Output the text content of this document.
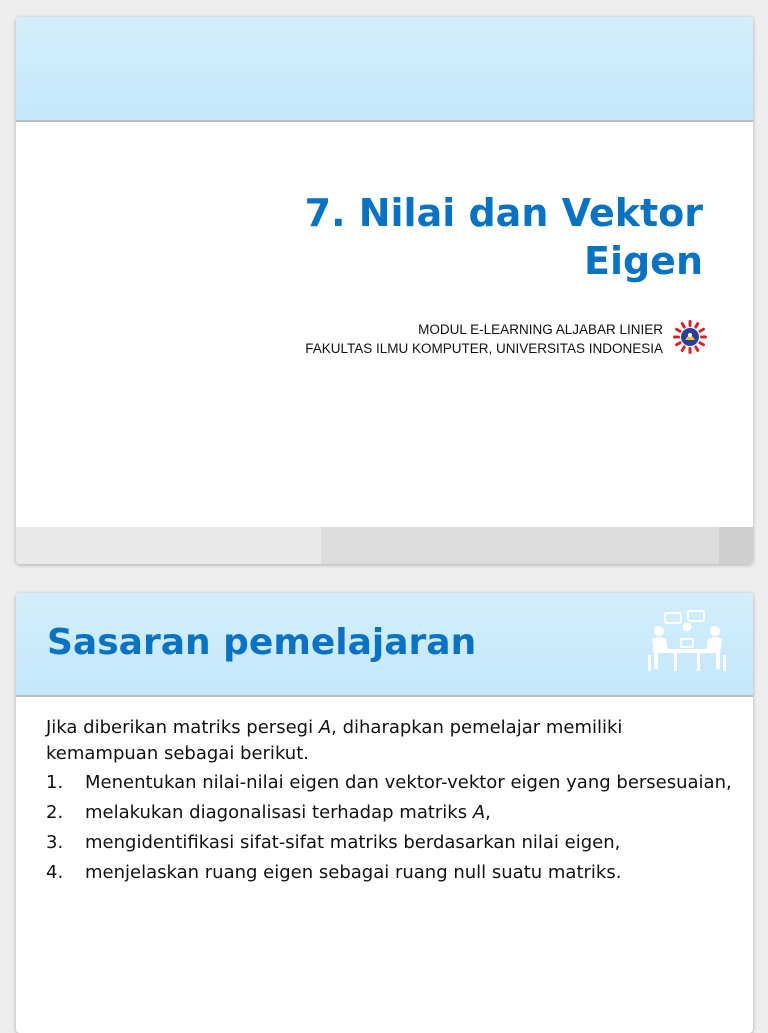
7. Nilai dan Vektor
Eigen
MODUL E-LEARNING ALJABAR LINIER
FAKULTAS ILMU KOMPUTER, UNIVERSITAS INDONESIA
Sasaran pemelajaran

Jika diberikan matriks persegi A, diharapkan pemelajar memiliki kemampuan sebagai berikut.

1. Menentukan nilai-nilai eigen dan vektor-vektor eigen yang bersesuaian,
2. melakukan diagonalisasi terhadap matriks A,
3. mengidentifikasi sifat-sifat matriks berdasarkan nilai eigen,
4. menjelaskan ruang eigen sebagai ruang null suatu matriks.
